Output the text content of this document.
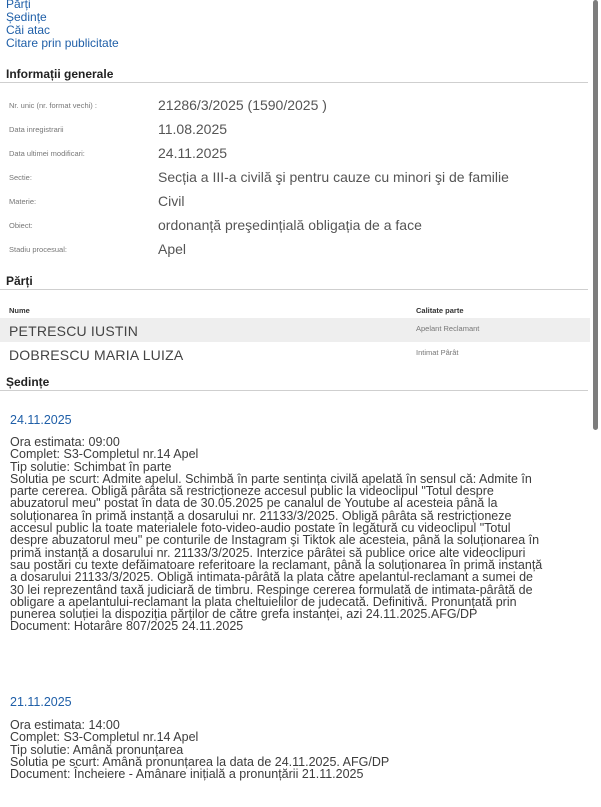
Părți
Ședințe
Căi atac
Citare prin publicitate
Informații generale
Nr. unic (nr. format vechi) :	21286/3/2025 (1590/2025 )
Data inregistrarii	11.08.2025
Data ultimei modificari:	24.11.2025
Sectie:	Secția a III-a civilă şi pentru cauze cu minori şi de familie
Materie:	Civil
Obiect:	ordonanță preşedințială obligația de a face
Stadiu procesual:	Apel
Părți
Nume	Calitate parte
PETRESCU IUSTIN	Apelant Reclamant
DOBRESCU MARIA LUIZA	Intimat Pârât
Ședințe
24.11.2025
Ora estimata: 09:00
Complet: S3-Completul nr.14 Apel
Tip solutie: Schimbat în parte
Solutia pe scurt: Admite apelul. Schimbă în parte sentința civilă apelată în sensul că: Admite în
parte cererea. Obligă pârâta să restricționeze accesul public la videoclipul "Totul despre
abuzatorul meu" postat în data de 30.05.2025 pe canalul de Youtube al acesteia până la
soluționarea în primă instanță a dosarului nr. 21133/3/2025. Obligă pârâta să restricționeze
accesul public la toate materialele foto-video-audio postate în legătură cu videoclipul "Totul
despre abuzatorul meu" pe conturile de Instagram şi Tiktok ale acesteia, până la soluționarea în
primă instanță a dosarului nr. 21133/3/2025. Interzice pârâtei să publice orice alte videoclipuri
sau postări cu texte defăimatoare referitoare la reclamant, până la soluționarea în primă instanță
a dosarului 21133/3/2025. Obligă intimata-pârâtă la plata către apelantul-reclamant a sumei de
30 lei reprezentând taxă judiciară de timbru. Respinge cererea formulată de intimata-pârâtă de
obligare a apelantului-reclamant la plata cheltuielilor de judecată. Definitivă. Pronunțată prin
punerea soluției la dispoziția părților de către grefa instanței, azi 24.11.2025.AFG/DP
Document: Hotarâre 807/2025 24.11.2025
21.11.2025
Ora estimata: 14:00
Complet: S3-Completul nr.14 Apel
Tip solutie: Amână pronunțarea
Solutia pe scurt: Amână pronunțarea la data de 24.11.2025. AFG/DP
Document: Încheiere - Amânare inițială a pronunțării 21.11.2025
